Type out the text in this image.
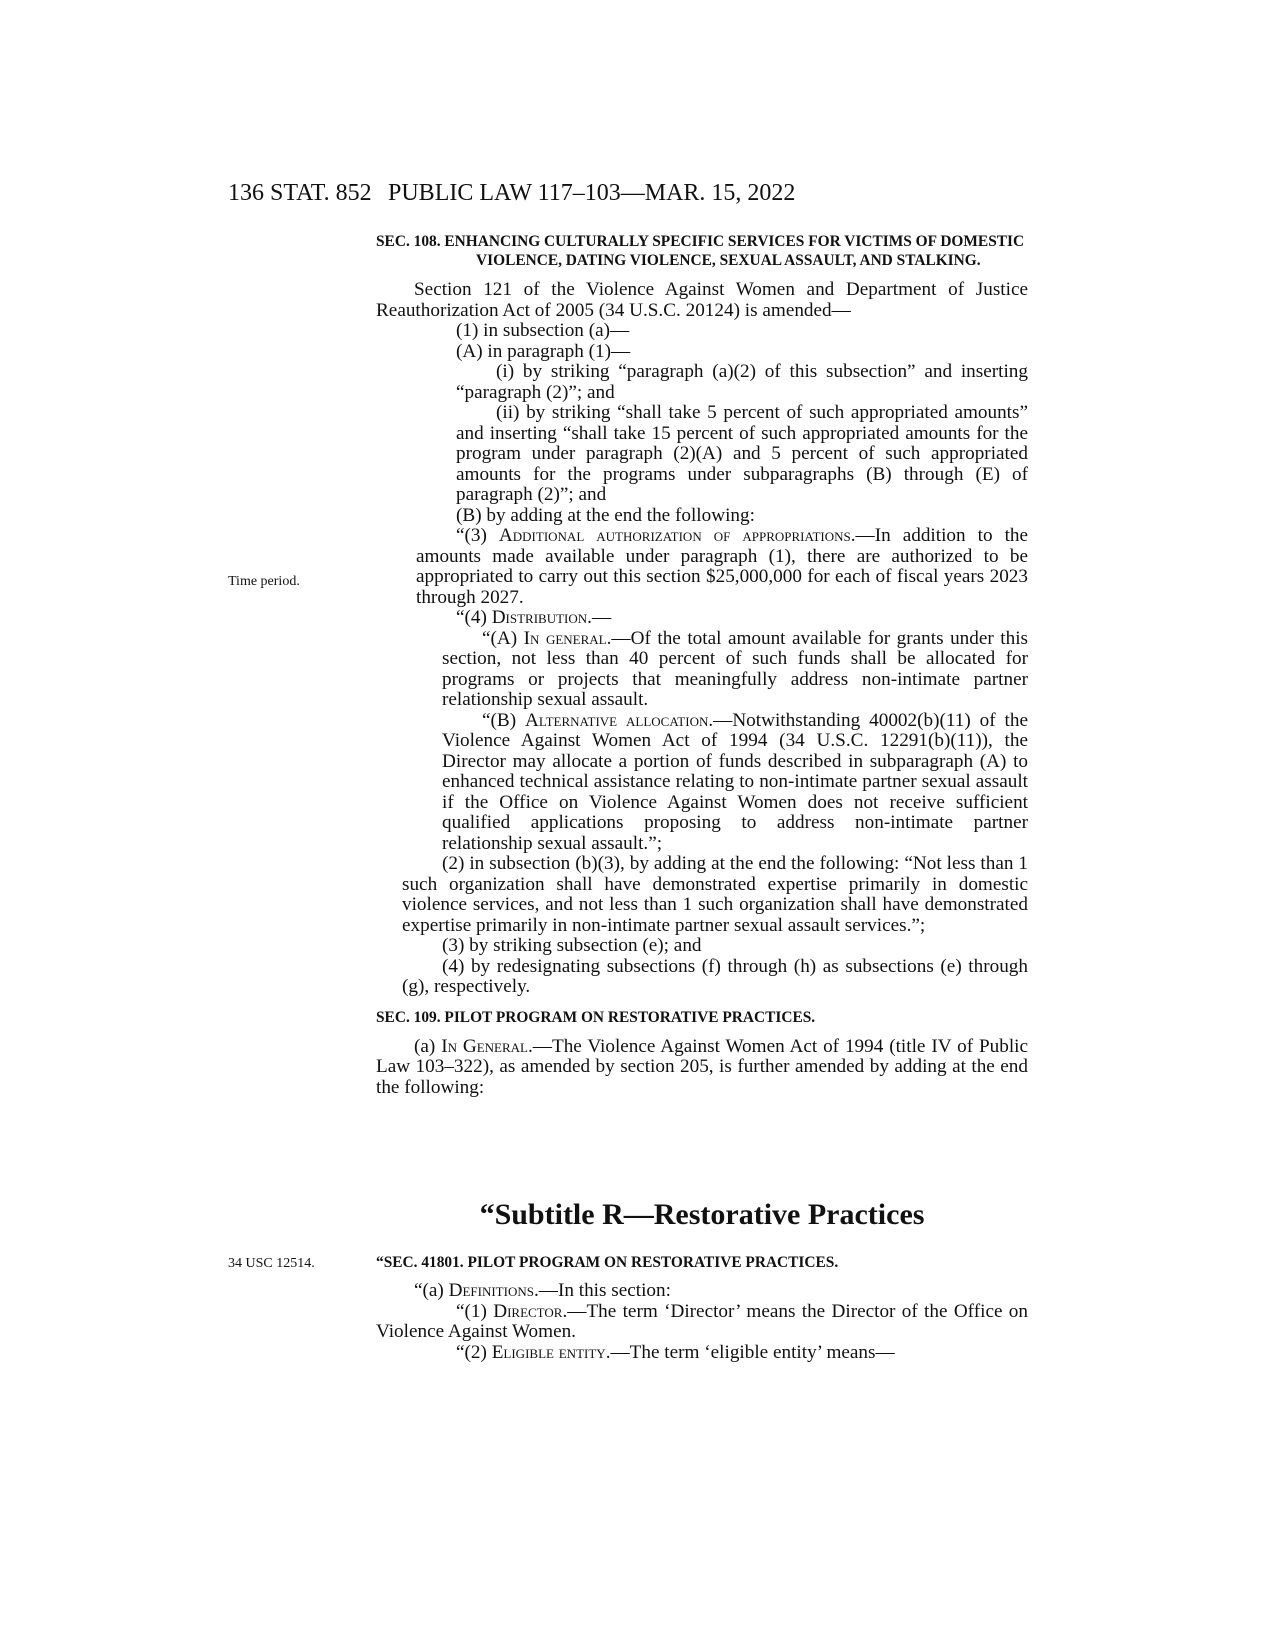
136 STAT. 852 PUBLIC LAW 117–103—MAR. 15, 2022
Time period.
34 USC 12514.

SEC. 108. ENHANCING CULTURALLY SPECIFIC SERVICES FOR VICTIMS OF DOMESTIC VIOLENCE, DATING VIOLENCE, SEXUAL ASSAULT, AND STALKING.

Section 121 of the Violence Against Women and Department of Justice Reauthorization Act of 2005 (34 U.S.C. 20124) is amended—

(1) in subsection (a)—

(A) in paragraph (1)—

(i) by striking “paragraph (a)(2) of this subsection” and inserting “paragraph (2)”; and

(ii) by striking “shall take 5 percent of such appropriated amounts” and inserting “shall take 15 percent of such appropriated amounts for the program under paragraph (2)(A) and 5 percent of such appropriated amounts for the programs under subparagraphs (B) through (E) of paragraph (2)”; and

(B) by adding at the end the following:

“(3) Additional authorization of appropriations.—In addition to the amounts made available under paragraph (1), there are authorized to be appropriated to carry out this section $25,000,000 for each of fiscal years 2023 through 2027.

“(4) Distribution.—

“(A) In general.—Of the total amount available for grants under this section, not less than 40 percent of such funds shall be allocated for programs or projects that meaningfully address non-intimate partner relationship sexual assault.

“(B) Alternative allocation.—Notwithstanding 40002(b)(11) of the Violence Against Women Act of 1994 (34 U.S.C. 12291(b)(11)), the Director may allocate a portion of funds described in subparagraph (A) to enhanced technical assistance relating to non-intimate partner sexual assault if the Office on Violence Against Women does not receive sufficient qualified applications proposing to address non-intimate partner relationship sexual assault.”;

(2) in subsection (b)(3), by adding at the end the following: “Not less than 1 such organization shall have demonstrated expertise primarily in domestic violence services, and not less than 1 such organization shall have demonstrated expertise primarily in non-intimate partner sexual assault services.”;

(3) by striking subsection (e); and

(4) by redesignating subsections (f) through (h) as subsections (e) through (g), respectively.

SEC. 109. PILOT PROGRAM ON RESTORATIVE PRACTICES.

(a) In General.—The Violence Against Women Act of 1994 (title IV of Public Law 103–322), as amended by section 205, is further amended by adding at the end the following:

“Subtitle R—Restorative Practices
“SEC. 41801. PILOT PROGRAM ON RESTORATIVE PRACTICES.

“(a) Definitions.—In this section:

“(1) Director.—The term ‘Director’ means the Director of the Office on Violence Against Women.

“(2) Eligible entity.—The term ‘eligible entity’ means—
